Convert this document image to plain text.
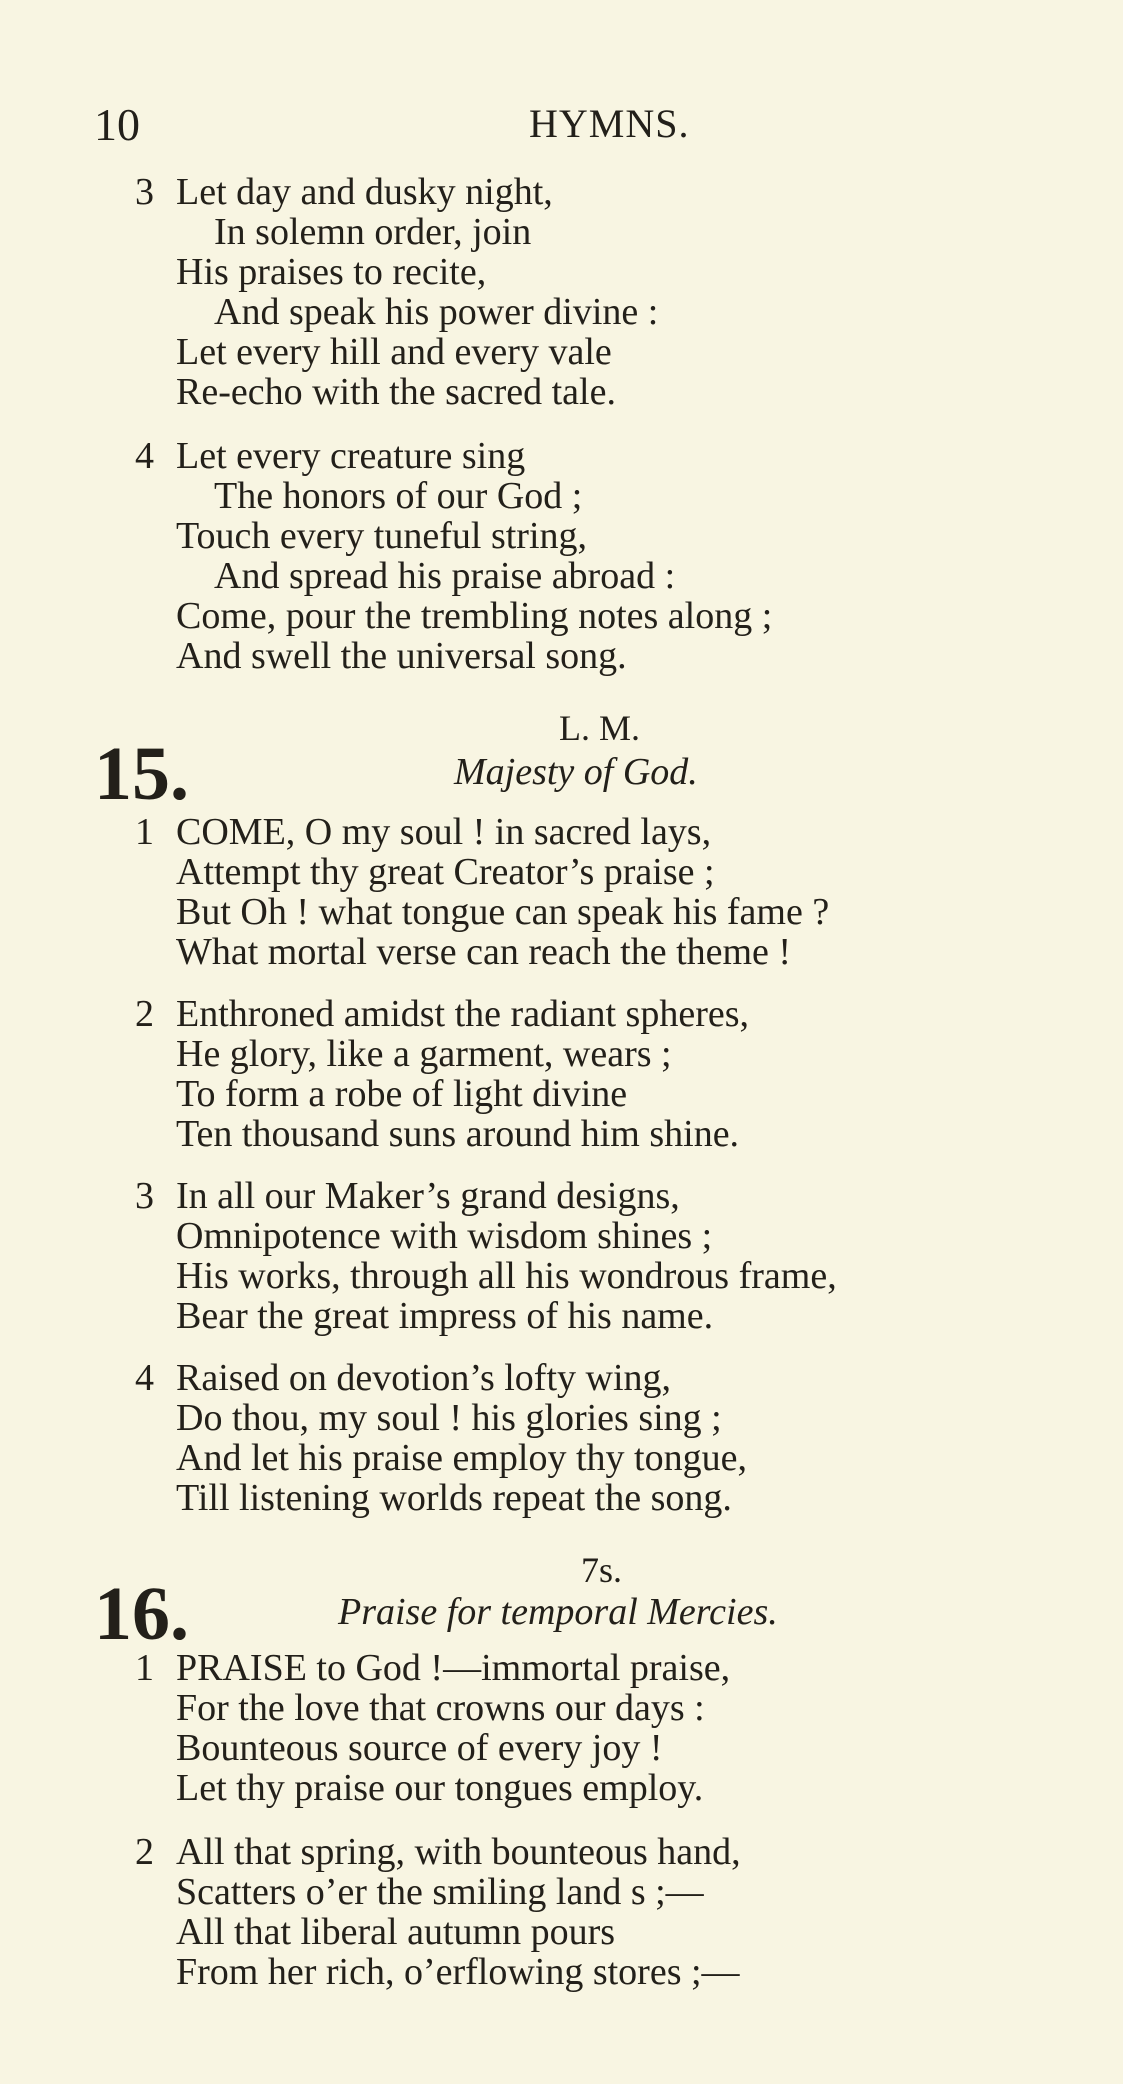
10	HYMNS.
3 Let day and dusky night,
In solemn order, join
His praises to recite,
And speak his power divine :
Let every hill and every vale
Re-echo with the sacred tale.
4 Let every creature sing
The honors of our God ;
Touch every tuneful string,
And spread his praise abroad :
Come, pour the trembling notes along ;
And swell the universal song.
15.
L. M.
Majesty of God.
1 COME, O my soul ! in sacred lays,
Attempt thy great Creator’s praise ;
But Oh ! what tongue can speak his fame ?
What mortal verse can reach the theme !
2 Enthroned amidst the radiant spheres,
He glory, like a garment, wears ;
To form a robe of light divine
Ten thousand suns around him shine.
3 In all our Maker’s grand designs,
Omnipotence with wisdom shines ;
His works, through all his wondrous frame,
Bear the great impress of his name.
4 Raised on devotion’s lofty wing,
Do thou, my soul ! his glories sing ;
And let his praise employ thy tongue,
Till listening worlds repeat the song.
16.
7s.
Praise for temporal Mercies.
1 PRAISE to God !—immortal praise,
For the love that crowns our days :
Bounteous source of every joy !
Let thy praise our tongues employ.
2 All that spring, with bounteous hand,
Scatters o’er the smiling land s ;—
All that liberal autumn pours
From her rich, o’erflowing stores ;—
